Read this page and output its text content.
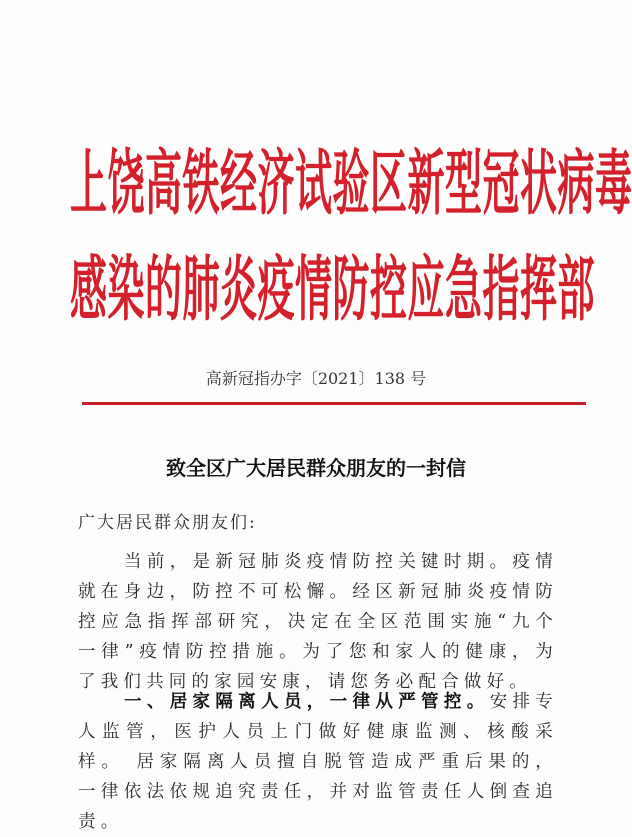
上饶高铁经济试验区新型冠状病毒
感染的肺炎疫情防控应急指挥部
高新冠指办字〔2021〕138 号
致全区广大居民群众朋友的一封信
广大居民群众朋友们:
当前，是新冠肺炎疫情防控关键时期。疫情就在身边，防控不可松懈。经区新冠肺炎疫情防控应急指挥部研究，决定在全区范围实施“九个一律”疫情防控措施。为了您和家人的健康，为了我们共同的家园安康，请您务必配合做好。
一、居家隔离人员，一律从严管控。安排专人监管，医护人员上门做好健康监测、核酸采样。 居家隔离人员擅自脱管造成严重后果的，一律依法依规追究责任，并对监管责任人倒查追责。
